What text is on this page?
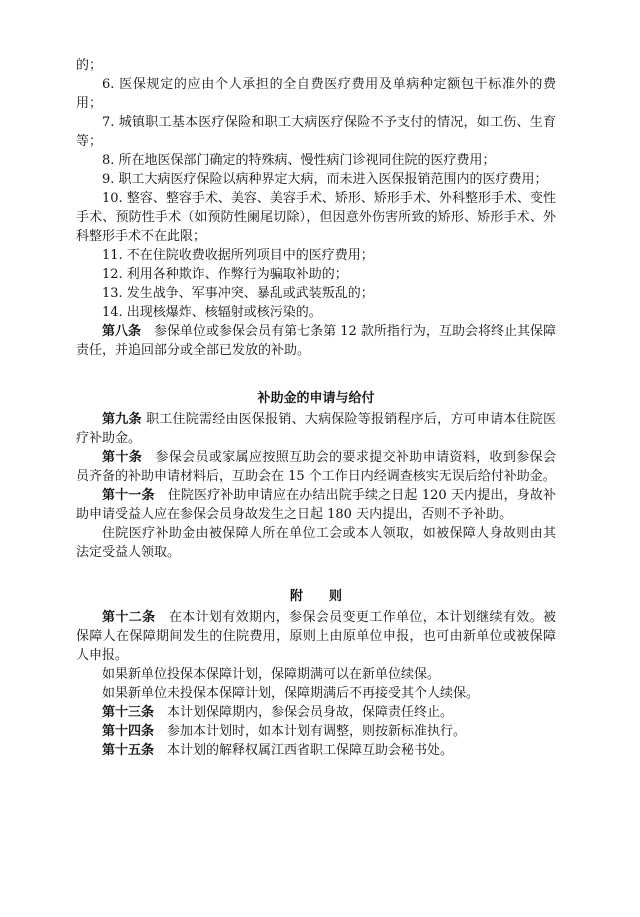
的；

6. 医保规定的应由个人承担的全自费医疗费用及单病种定额包干标准外的费用；

7. 城镇职工基本医疗保险和职工大病医疗保险不予支付的情况，如工伤、生育等；

8. 所在地医保部门确定的特殊病、慢性病门诊视同住院的医疗费用；

9. 职工大病医疗保险以病种界定大病，而未进入医保报销范围内的医疗费用；

10. 整容、整容手术、美容、美容手术、矫形、矫形手术、外科整形手术、变性手术、预防性手术（如预防性阑尾切除），但因意外伤害所致的矫形、矫形手术、外科整形手术不在此限；

11. 不在住院收费收据所列项目中的医疗费用；

12. 利用各种欺诈、作弊行为骗取补助的；

13. 发生战争、军事冲突、暴乱或武装叛乱的；

14. 出现核爆炸、核辐射或核污染的。

第八条　参保单位或参保会员有第七条第 12 款所指行为，互助会将终止其保障责任，并追回部分或全部已发放的补助。

补助金的申请与给付

第九条 职工住院需经由医保报销、大病保险等报销程序后，方可申请本住院医疗补助金。

第十条　参保会员或家属应按照互助会的要求提交补助申请资料，收到参保会员齐备的补助申请材料后，互助会在 15 个工作日内经调查核实无误后给付补助金。

第十一条　住院医疗补助申请应在办结出院手续之日起 120 天内提出，身故补助申请受益人应在参保会员身故发生之日起 180 天内提出，否则不予补助。

住院医疗补助金由被保障人所在单位工会或本人领取，如被保障人身故则由其法定受益人领取。

附　　则

第十二条　在本计划有效期内，参保会员变更工作单位，本计划继续有效。被保障人在保障期间发生的住院费用，原则上由原单位申报，也可由新单位或被保障人申报。

如果新单位投保本保障计划，保障期满可以在新单位续保。

如果新单位未投保本保障计划，保障期满后不再接受其个人续保。

第十三条　本计划保障期内，参保会员身故，保障责任终止。

第十四条　参加本计划时，如本计划有调整，则按新标准执行。

第十五条　本计划的解释权属江西省职工保障互助会秘书处。
